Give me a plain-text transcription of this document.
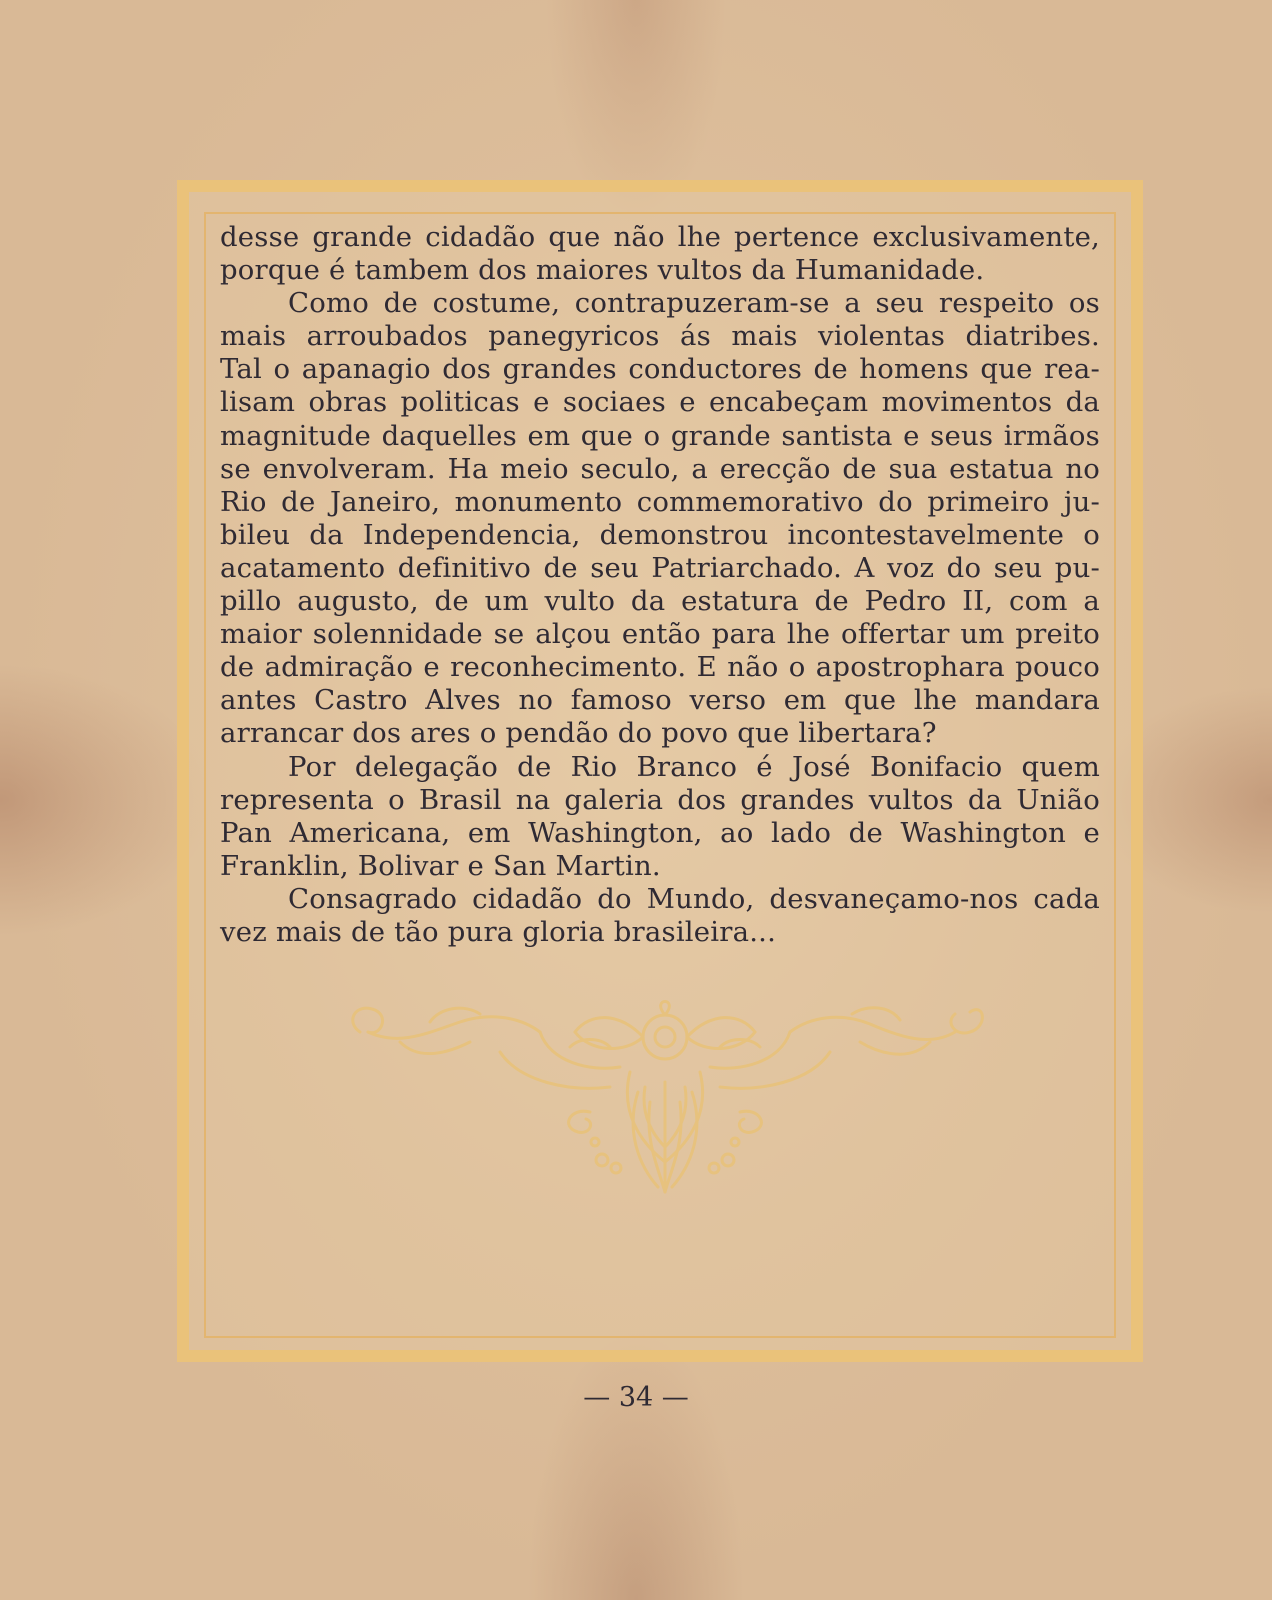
desse grande cidadão que não lhe pertence exclusivamente,
porque é tambem dos maiores vultos da Humanidade.
Como de costume, contrapuzeram-se a seu respeito os
mais arroubados panegyricos ás mais violentas diatribes.
Tal o apanagio dos grandes conductores de homens que rea-
lisam obras politicas e sociaes e encabeçam movimentos da
magnitude daquelles em que o grande santista e seus irmãos
se envolveram. Ha meio seculo, a erecção de sua estatua no
Rio de Janeiro, monumento commemorativo do primeiro ju-
bileu da Independencia, demonstrou incontestavelmente o
acatamento definitivo de seu Patriarchado. A voz do seu pu-
pillo augusto, de um vulto da estatura de Pedro II, com a
maior solennidade se alçou então para lhe offertar um preito
de admiração e reconhecimento. E não o apostrophara pouco
antes Castro Alves no famoso verso em que lhe mandara
arrancar dos ares o pendão do povo que libertara?
Por delegação de Rio Branco é José Bonifacio quem
representa o Brasil na galeria dos grandes vultos da União
Pan Americana, em Washington, ao lado de Washington e
Franklin, Bolivar e San Martin.
Consagrado cidadão do Mundo, desvaneçamo-nos cada
vez mais de tão pura gloria brasileira...
— 34 —
